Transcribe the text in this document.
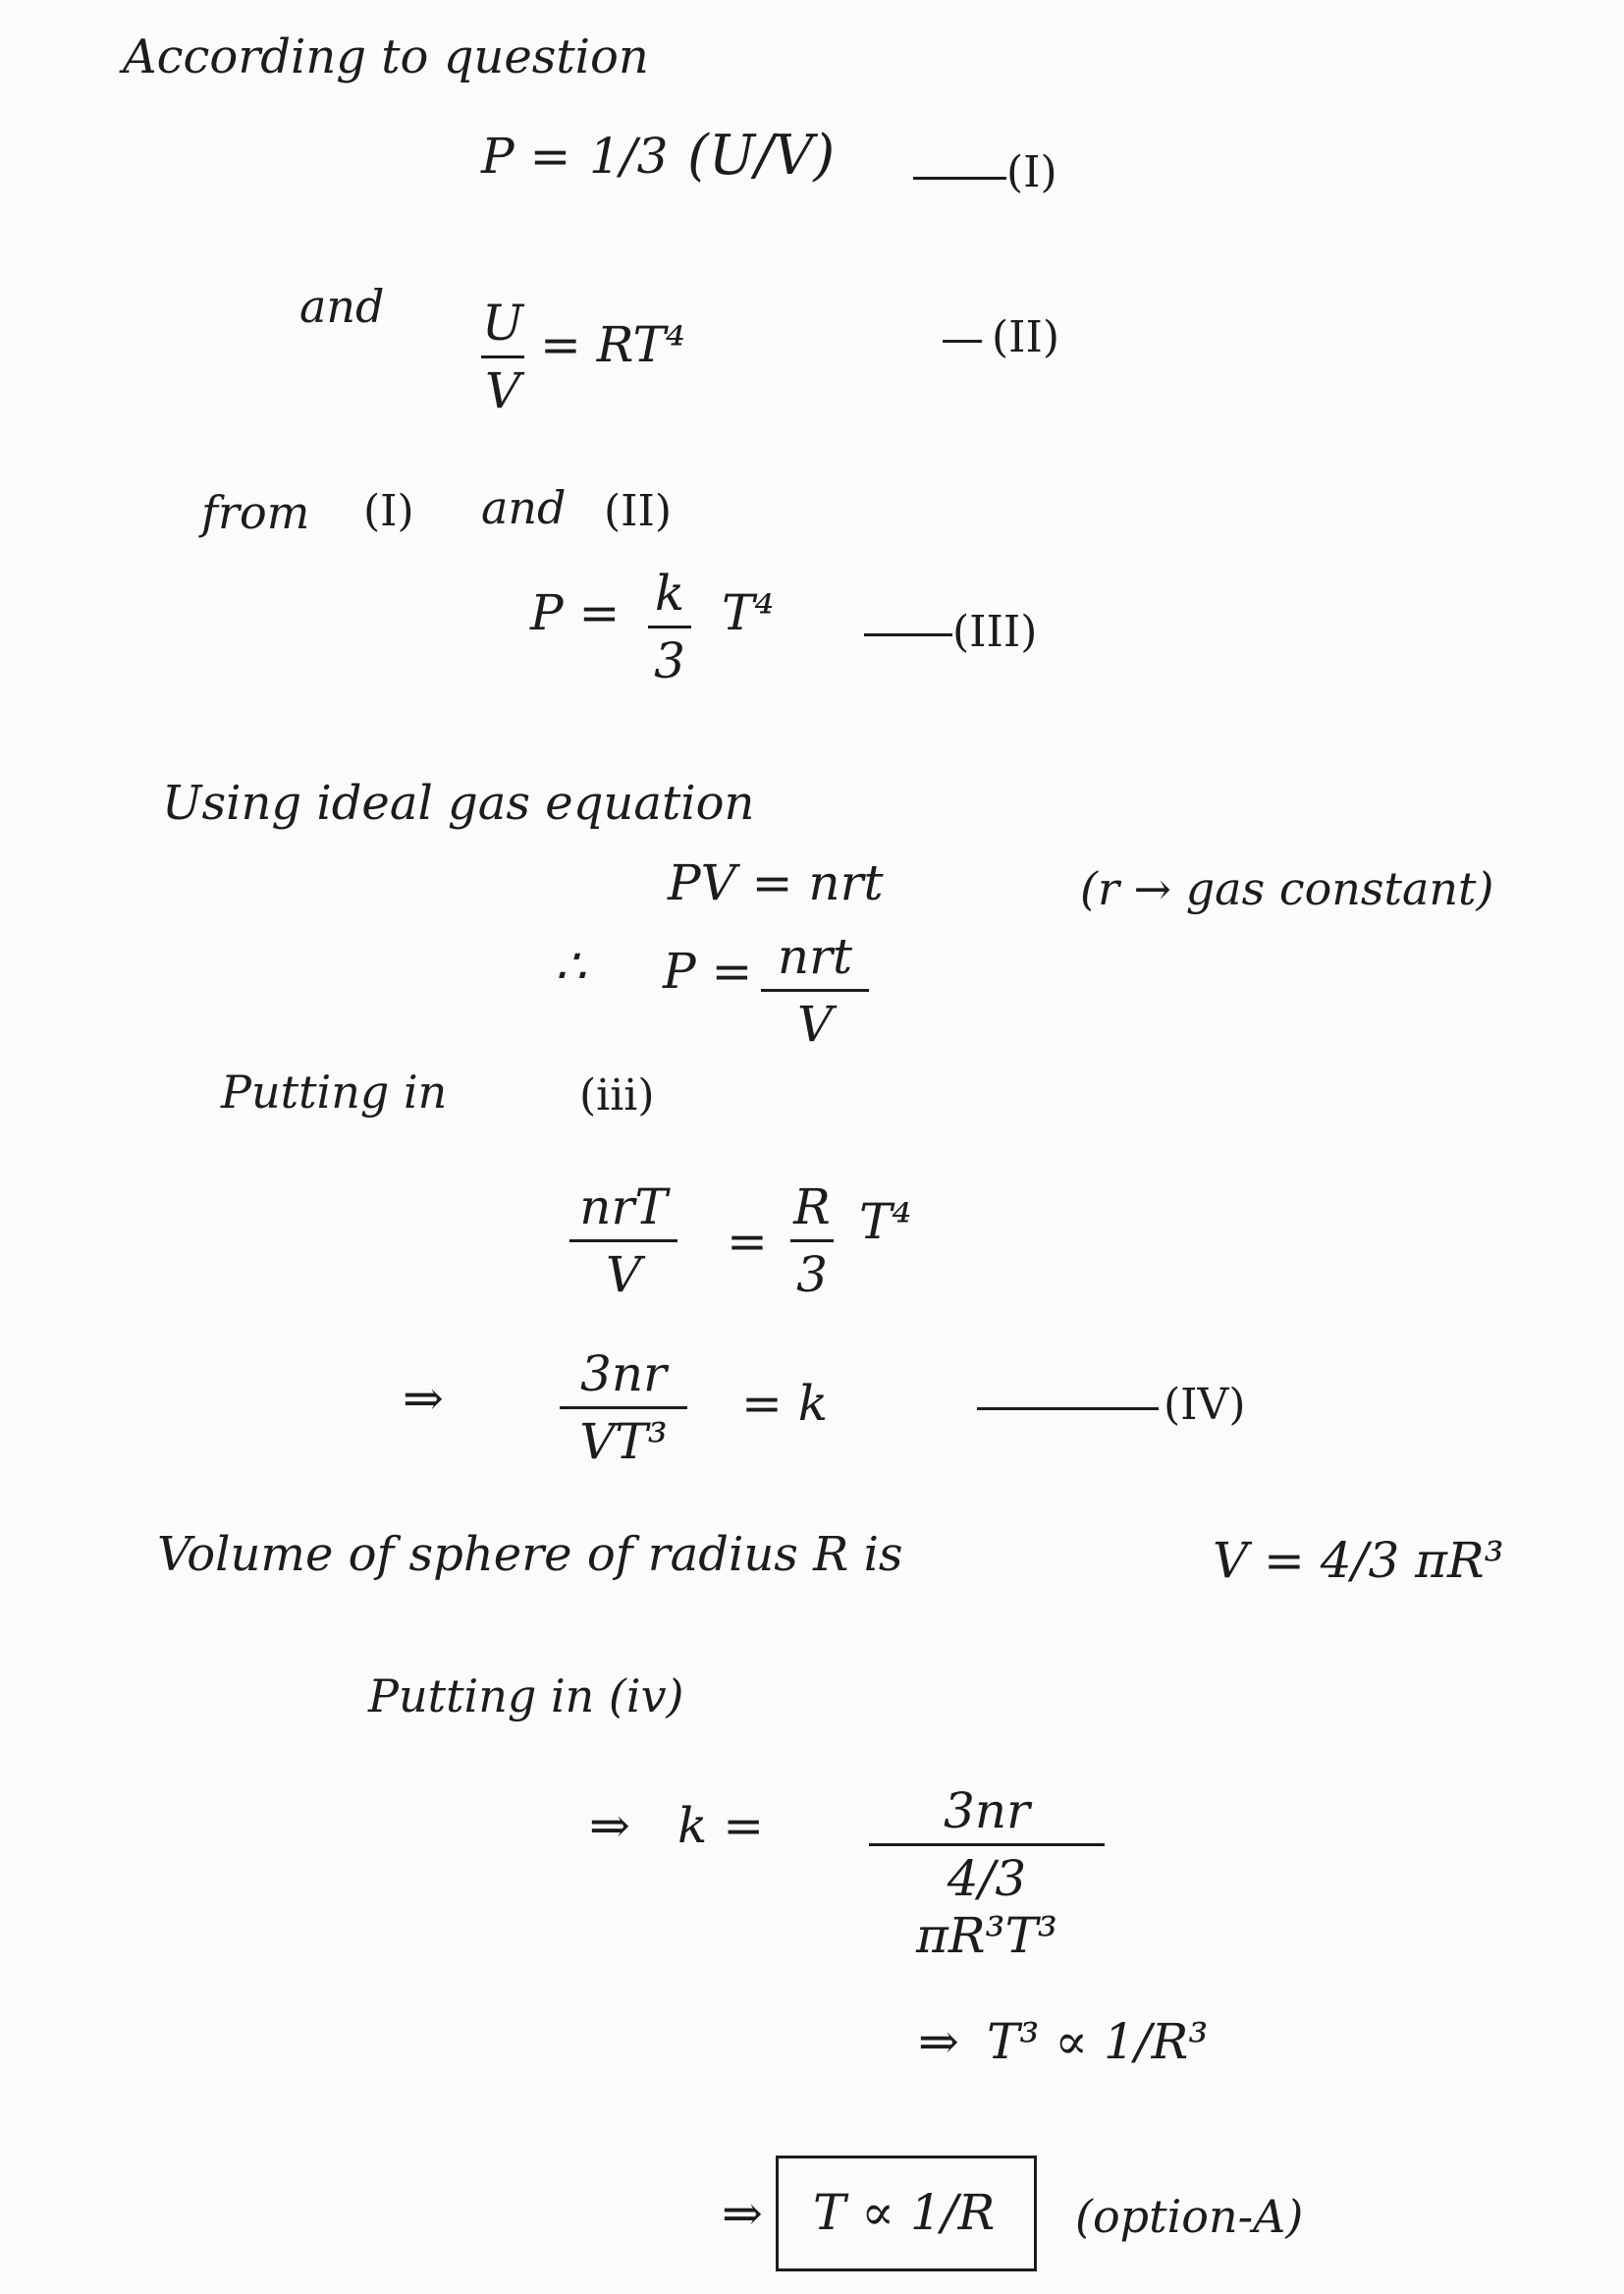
According to question
P = 1/3 (U/V)	(I)
and U
V
= RT⁴	(II)
from (I) and (II)
P = k
3
T⁴	(III)
Using ideal gas equation
PV = nrt	(r → gas constant)
∴ P = nrt
V
Putting in	(iii)
nrT
V
=
R
3
T⁴
⇒	3nr
VT³
= k	(IV)
Volume of sphere of radius R is	V = 4/3 πR³
Putting in (iv)
⇒ k =	3nr
4/3 πR³T³
⇒ T³ ∝ 1/R³
⇒ T ∝ 1/R (option-A)
